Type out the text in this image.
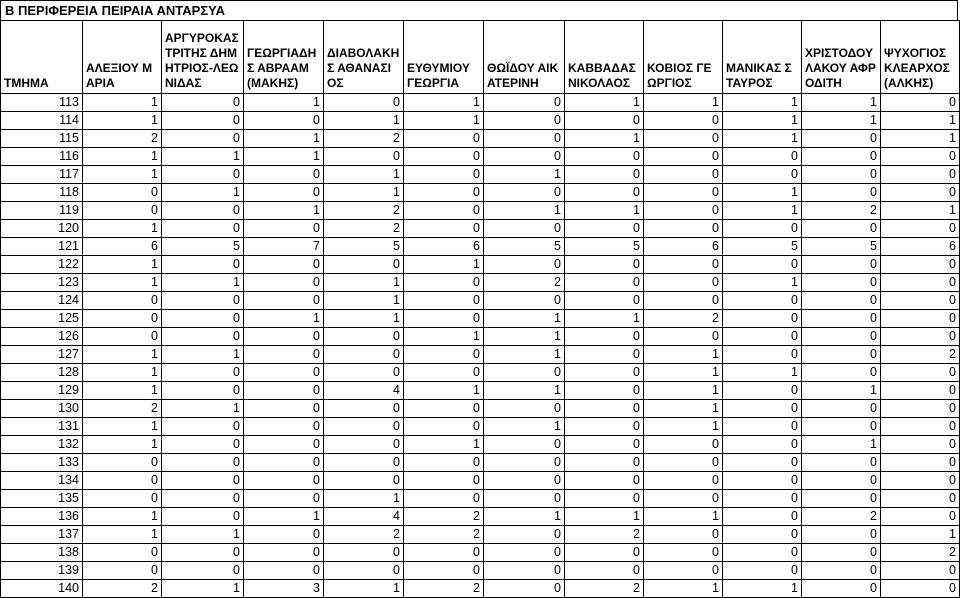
Β ΠΕΡΙΦΕΡΕΙΑ ΠΕΙΡΑΙΑ ΑΝΤΑΡΣΥΑ
ΤΜΗΜΑ	ΑΛΕΞΙΟΥ ΜΑΡΙΑ	ΑΡΓΥΡΟΚΑΣΤΡΙΤΗΣ ΔΗΜΗΤΡΙΟΣ-ΛΕΩΝΙΔΑΣ	ΓΕΩΡΓΙΑΔΗΣ ΑΒΡΑΑΜ (ΜΑΚΗΣ)	ΔΙΑΒΟΛΑΚΗΣ ΑΘΑΝΑΣΙΟΣ	ΕΥΘΥΜΙΟΥ ΓΕΩΡΓΙΑ	ΘΩΪΔΟΥ ΑΙΚΑΤΕΡΙΝΗ	ΚΑΒΒΑΔΑΣ ΝΙΚΟΛΑΟΣ	ΚΟΒΙΟΣ ΓΕΩΡΓΙΟΣ	ΜΑΝΙΚΑΣ ΣΤΑΥΡΟΣ	ΧΡΙΣΤΟΔΟΥΛΑΚΟΥ ΑΦΡΟΔΙΤΗ	ΨΥΧΟΓΙΟΣ ΚΛΕΑΡΧΟΣ (ΑΛΚΗΣ)
113	1	0	1	0	1	0	1	1	1	1	0
114	1	0	0	1	1	0	0	0	1	1	1
115	2	0	1	2	0	0	1	0	1	0	1
116	1	1	1	0	0	0	0	0	0	0	0
117	1	0	0	1	0	1	0	0	0	0	0
118	0	1	0	1	0	0	0	0	1	0	0
119	0	0	1	2	0	1	1	0	1	2	1
120	1	0	0	2	0	0	0	0	0	0	0
121	6	5	7	5	6	5	5	6	5	5	6
122	1	0	0	0	1	0	0	0	0	0	0
123	1	1	0	1	0	2	0	0	1	0	0
124	0	0	0	1	0	0	0	0	0	0	0
125	0	0	1	1	0	1	1	2	0	0	0
126	0	0	0	0	1	1	0	0	0	0	0
127	1	1	0	0	0	1	0	1	0	0	2
128	1	0	0	0	0	0	0	1	1	0	0
129	1	0	0	4	1	1	0	1	0	1	0
130	2	1	0	0	0	0	0	1	0	0	0
131	1	0	0	0	0	1	0	1	0	0	0
132	1	0	0	0	1	0	0	0	0	1	0
133	0	0	0	0	0	0	0	0	0	0	0
134	0	0	0	0	0	0	0	0	0	0	0
135	0	0	0	1	0	0	0	0	0	0	0
136	1	0	1	4	2	1	1	1	0	2	0
137	1	1	0	2	2	0	2	0	0	0	1
138	0	0	0	0	0	0	0	0	0	0	2
139	0	0	0	0	0	0	0	0	0	0	0
140	2	1	3	1	2	0	2	1	1	0	0
